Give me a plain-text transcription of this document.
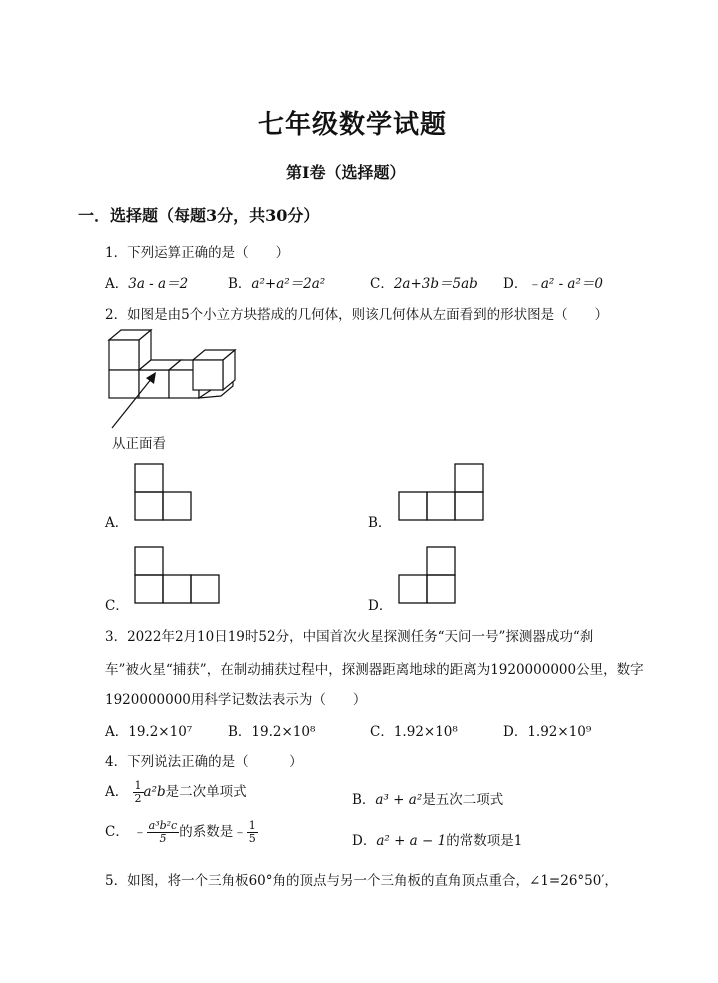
七年级数学试题
第I卷（选择题）
一．选择题（每题3分，共30分）
1．下列运算正确的是（　　）
A．3a - a＝2	B．a²+a²＝2a²	C．2a+3b＝5ab D．﹣a² - a²＝0
2．如图是由5个小立方块搭成的几何体，则该几何体从左面看到的形状图是（　　）
从正面看
A．	B．
C．	D．
3．2022年2月10日19时52分，中国首次火星探测任务“天问一号”探测器成功“刹
车”被火星“捕获”，在制动捕获过程中，探测器距离地球的距离为1920000000公里，数字
1920000000用科学记数法表示为（　　）
A．19.2×10⁷	B．19.2×10⁸	C．1.92×10⁸	D．1.92×10⁹
4．下列说法正确的是（　　　）
A． $\frac{1}{2} a^2b$是二次单项式	B．a³ + a²是五次二项式
C． ﹣ $\frac{\text{a³b²c}}{5}$ 的系数是﹣ $\frac{1}{5}$	D．a² + a − 1的常数项是1
5．如图，将一个三角板60°角的顶点与另一个三角板的直角顶点重合，∠1=26°50′，
